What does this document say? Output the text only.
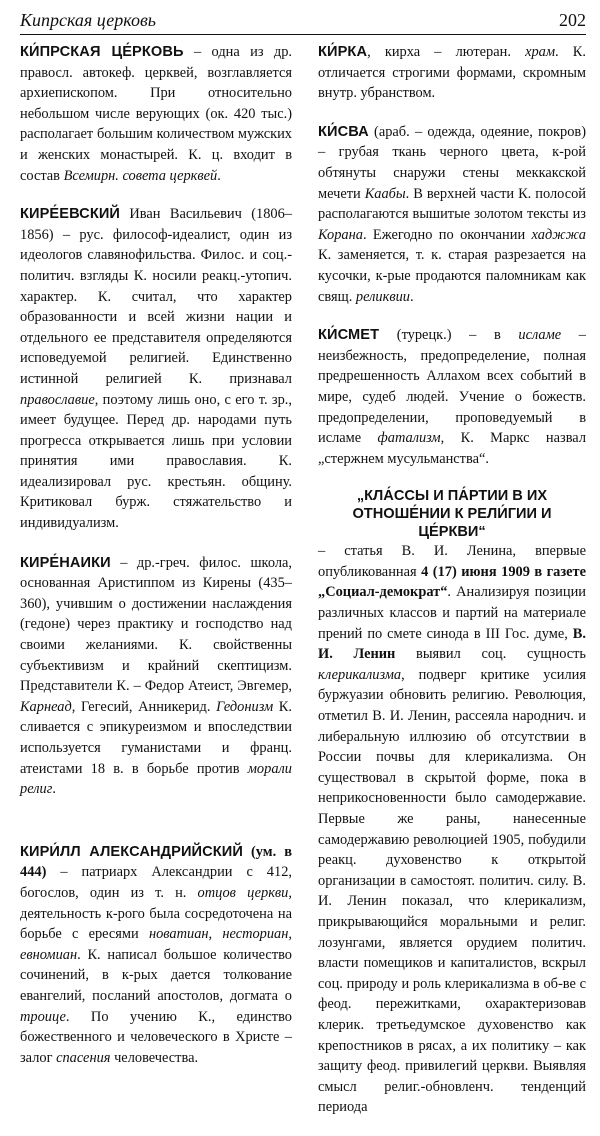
Кипрская церковь	202

КИ́ПРСКАЯ ЦЕ́РКОВЬ – одна из др. правосл. автокеф. церквей, возглавляется архиепископом. При относительно небольшом числе верующих (ок. 420 тыс.) располагает большим количеством мужских и женских монастырей. К. ц. входит в состав Всемирн. совета церквей.

КИРЕ́ЕВСКИЙ Иван Васильевич (1806–1856) – рус. философ-идеалист, один из идеологов славянофильства. Филос. и соц.-политич. взгляды К. носили реакц.-утопич. характер. К. считал, что характер образованности и всей жизни нации и отдельного ее представителя определяются исповедуемой религией. Единственно истинной религией К. признавал православие, поэтому лишь оно, с его т. зр., имеет будущее. Перед др. народами путь прогресса открывается лишь при условии принятия ими православия. К. идеализировал рус. крестьян. общину. Критиковал бурж. стяжательство и индивидуализм.

КИРЕ́НАИКИ – др.-греч. филос. школа, основанная Аристиппом из Кирены (435–360), учившим о достижении наслаждения (гедоне) через практику и господство над своими желаниями. К. свойственны субъективизм и крайний скептицизм. Представители К. – Федор Атеист, Эвгемер, Карнеад, Гегесий, Анникерид. Гедонизм К. сливается с эпикуреизмом и впоследствии используется гуманистами и франц. атеистами 18 в. в борьбе против морали религ.

КИРИ́ЛЛ АЛЕКСАНДРИЙСКИЙ (ум. в 444) – патриарх Александрии с 412, богослов, один из т. н. отцов церкви, деятельность к-рого была сосредоточена на борьбе с ересями новатиан, несториан, евномиан. К. написал большое количество сочинений, в к-рых дается толкование евангелий, посланий апостолов, догмата о троице. По учению К., единство божественного и человеческого в Христе – залог спасения человечества.

КИ́РКА, кирха – лютеран. храм. К. отличается строгими формами, скромным внутр. убранством.

КИ́СВА (араб. – одежда, одеяние, покров) – грубая ткань черного цвета, к-рой обтянуты снаружи стены меккакской мечети Каабы. В верхней части К. полосой располагаются вышитые золотом тексты из Корана. Ежегодно по окончании хаджжа К. заменяется, т. к. старая разрезается на кусочки, к-рые продаются паломникам как свящ. реликвии.

КИ́СМЕТ (турецк.) – в исламе – неизбежность, предопределение, полная предрешенность Аллахом всех событий в мире, судеб людей. Учение о божеств. предопределении, проповедуемый в исламе фатализм, К. Маркс назвал „стержнем мусульманства“.

„КЛА́ССЫ И ПА́РТИИ В ИХ ОТНОШЕ́НИИ К РЕЛИ́ГИИ И ЦЕ́РКВИ“
– статья В. И. Ленина, впервые опубликованная 4 (17) июня 1909 в газете „Социал-демократ“. Анализируя позиции различных классов и партий на материале прений по смете синода в III Гос. думе, В. И. Ленин выявил соц. сущность клерикализма, подверг критике усилия буржуазии обновить религию. Революция, отметил В. И. Ленин, рассеяла народнич. и либеральную иллюзию об отсутствии в России почвы для клерикализма. Он существовал в скрытой форме, пока в неприкосновенности было самодержавие. Первые же раны, нанесенные самодержавию революцией 1905, побудили реакц. духовенство к открытой организации в самостоят. политич. силу. В. И. Ленин показал, что клерикализм, прикрывающийся моральными и религ. лозунгами, является орудием политич. власти помещиков и капиталистов, вскрыл соц. природу и роль клерикализма в об-ве с феод. пережитками, охарактеризовав клерик. третьедумское духовенство как крепостников в рясах, а их политику – как защиту феод. привилегий церкви. Выявляя смысл религ.-обновленч. тенденций периода
